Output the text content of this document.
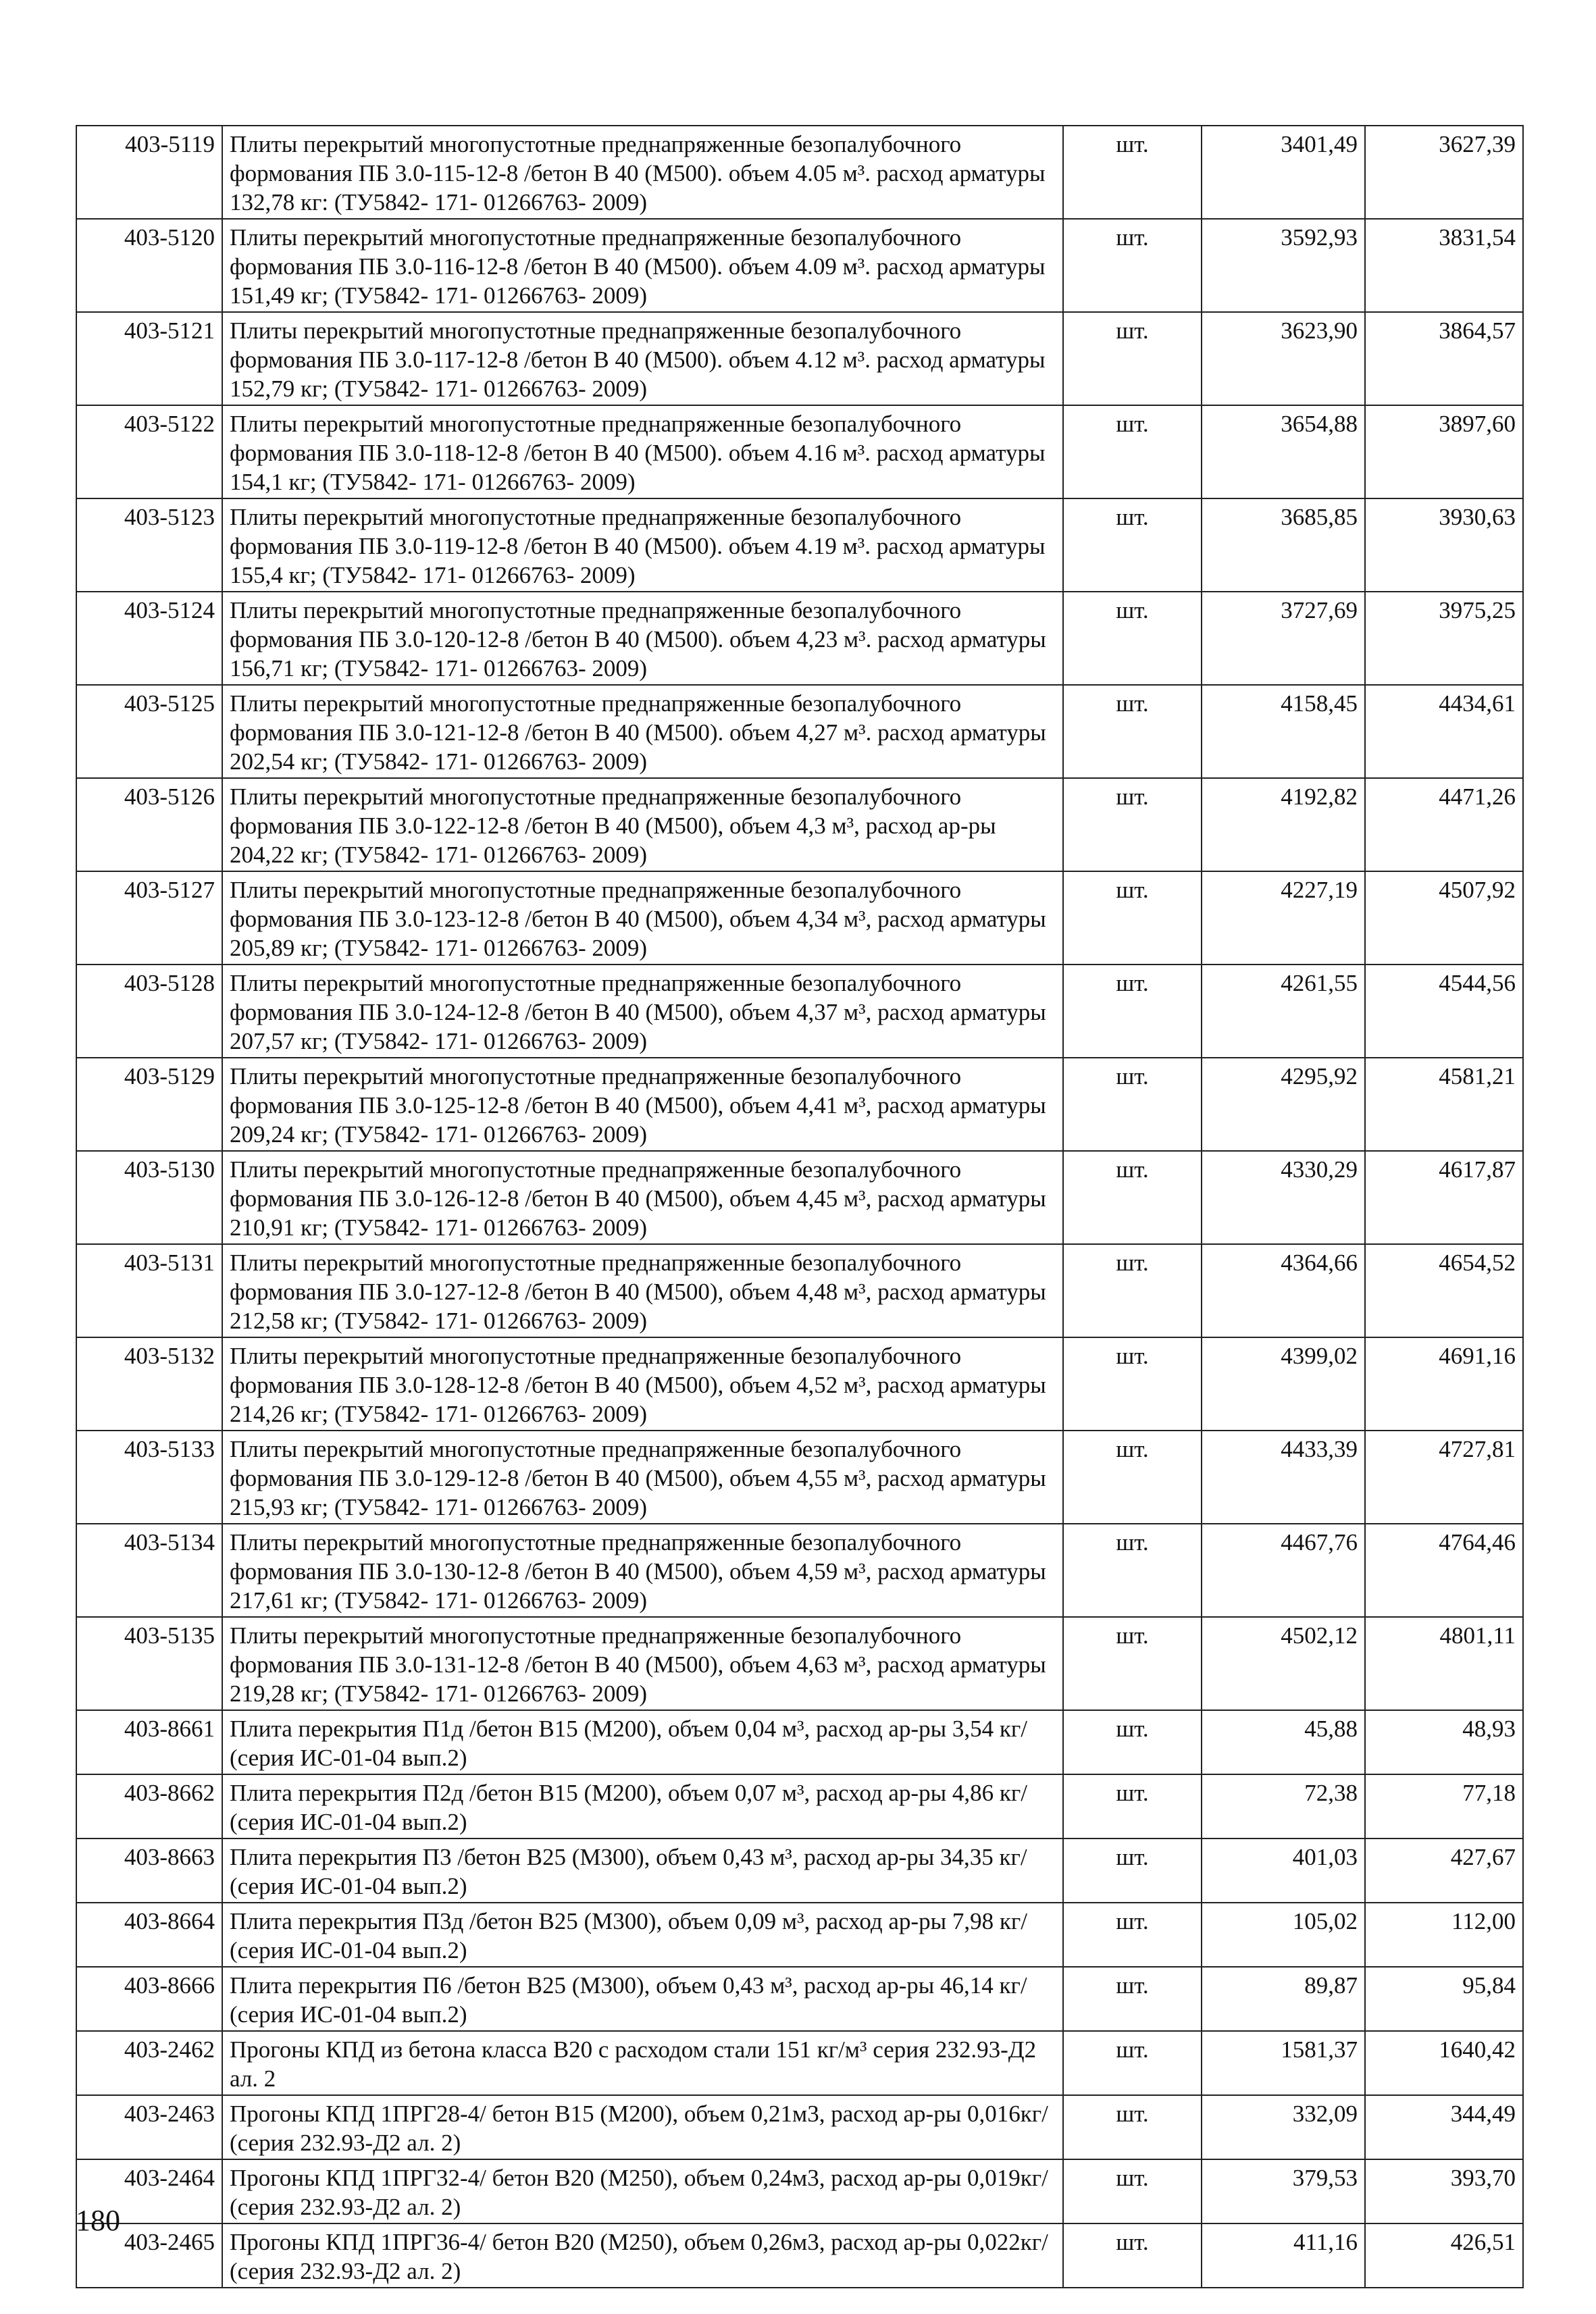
403-5119	Плиты перекрытий многопустотные преднапряженные безопалубочного формования ПБ 3.0-115-12-8 /бетон В 40 (М500). объем 4.05 м³. расход арматуры 132,78 кг: (ТУ5842- 171- 01266763- 2009)	шт.	3401,49	3627,39
403-5120	Плиты перекрытий многопустотные преднапряженные безопалубочного формования ПБ 3.0-116-12-8 /бетон В 40 (М500). объем 4.09 м³. расход арматуры 151,49 кг; (ТУ5842- 171- 01266763- 2009)	шт.	3592,93	3831,54
403-5121	Плиты перекрытий многопустотные преднапряженные безопалубочного формования ПБ 3.0-117-12-8 /бетон В 40 (М500). объем 4.12 м³. расход арматуры 152,79 кг; (ТУ5842- 171- 01266763- 2009)	шт.	3623,90	3864,57
403-5122	Плиты перекрытий многопустотные преднапряженные безопалубочного формования ПБ 3.0-118-12-8 /бетон В 40 (М500). объем 4.16 м³. расход арматуры 154,1 кг; (ТУ5842- 171- 01266763- 2009)	шт.	3654,88	3897,60
403-5123	Плиты перекрытий многопустотные преднапряженные безопалубочного формования ПБ 3.0-119-12-8 /бетон В 40 (М500). объем 4.19 м³. расход арматуры 155,4 кг; (ТУ5842- 171- 01266763- 2009)	шт.	3685,85	3930,63
403-5124	Плиты перекрытий многопустотные преднапряженные безопалубочного формования ПБ 3.0-120-12-8 /бетон В 40 (М500). объем 4,23 м³. расход арматуры 156,71 кг; (ТУ5842- 171- 01266763- 2009)	шт.	3727,69	3975,25
403-5125	Плиты перекрытий многопустотные преднапряженные безопалубочного формования ПБ 3.0-121-12-8 /бетон В 40 (М500). объем 4,27 м³. расход арматуры 202,54 кг; (ТУ5842- 171- 01266763- 2009)	шт.	4158,45	4434,61
403-5126	Плиты перекрытий многопустотные преднапряженные безопалубочного формования ПБ 3.0-122-12-8 /бетон В 40 (М500), объем 4,3 м³, расход ар-ры 204,22 кг; (ТУ5842- 171- 01266763- 2009)	шт.	4192,82	4471,26
403-5127	Плиты перекрытий многопустотные преднапряженные безопалубочного формования ПБ 3.0-123-12-8 /бетон В 40 (М500), объем 4,34 м³, расход арматуры 205,89 кг; (ТУ5842- 171- 01266763- 2009)	шт.	4227,19	4507,92
403-5128	Плиты перекрытий многопустотные преднапряженные безопалубочного формования ПБ 3.0-124-12-8 /бетон В 40 (М500), объем 4,37 м³, расход арматуры 207,57 кг; (ТУ5842- 171- 01266763- 2009)	шт.	4261,55	4544,56
403-5129	Плиты перекрытий многопустотные преднапряженные безопалубочного формования ПБ 3.0-125-12-8 /бетон В 40 (М500), объем 4,41 м³, расход арматуры 209,24 кг; (ТУ5842- 171- 01266763- 2009)	шт.	4295,92	4581,21
403-5130	Плиты перекрытий многопустотные преднапряженные безопалубочного формования ПБ 3.0-126-12-8 /бетон В 40 (М500), объем 4,45 м³, расход арматуры 210,91 кг; (ТУ5842- 171- 01266763- 2009)	шт.	4330,29	4617,87
403-5131	Плиты перекрытий многопустотные преднапряженные безопалубочного формования ПБ 3.0-127-12-8 /бетон В 40 (М500), объем 4,48 м³, расход арматуры 212,58 кг; (ТУ5842- 171- 01266763- 2009)	шт.	4364,66	4654,52
403-5132	Плиты перекрытий многопустотные преднапряженные безопалубочного формования ПБ 3.0-128-12-8 /бетон В 40 (М500), объем 4,52 м³, расход арматуры 214,26 кг; (ТУ5842- 171- 01266763- 2009)	шт.	4399,02	4691,16
403-5133	Плиты перекрытий многопустотные преднапряженные безопалубочного формования ПБ 3.0-129-12-8 /бетон В 40 (М500), объем 4,55 м³, расход арматуры 215,93 кг; (ТУ5842- 171- 01266763- 2009)	шт.	4433,39	4727,81
403-5134	Плиты перекрытий многопустотные преднапряженные безопалубочного формования ПБ 3.0-130-12-8 /бетон В 40 (М500), объем 4,59 м³, расход арматуры 217,61 кг; (ТУ5842- 171- 01266763- 2009)	шт.	4467,76	4764,46
403-5135	Плиты перекрытий многопустотные преднапряженные безопалубочного формования ПБ 3.0-131-12-8 /бетон В 40 (М500), объем 4,63 м³, расход арматуры 219,28 кг; (ТУ5842- 171- 01266763- 2009)	шт.	4502,12	4801,11
403-8661	Плита перекрытия П1д /бетон В15 (М200), объем 0,04 м³, расход ар-ры 3,54 кг/ (серия ИС-01-04 вып.2)	шт.	45,88	48,93
403-8662	Плита перекрытия П2д /бетон В15 (М200), объем 0,07 м³, расход ар-ры 4,86 кг/ (серия ИС-01-04 вып.2)	шт.	72,38	77,18
403-8663	Плита перекрытия П3 /бетон В25 (М300), объем 0,43 м³, расход ар-ры 34,35 кг/ (серия ИС-01-04 вып.2)	шт.	401,03	427,67
403-8664	Плита перекрытия П3д /бетон В25 (М300), объем 0,09 м³, расход ар-ры 7,98 кг/ (серия ИС-01-04 вып.2)	шт.	105,02	112,00
403-8666	Плита перекрытия П6 /бетон В25 (М300), объем 0,43 м³, расход ар-ры 46,14 кг/ (серия ИС-01-04 вып.2)	шт.	89,87	95,84
403-2462	Прогоны КПД из бетона класса В20 с расходом стали 151 кг/м³ серия 232.93-Д2 ал. 2	шт.	1581,37	1640,42
403-2463	Прогоны КПД 1ПРГ28-4/ бетон В15 (М200), объем 0,21м3, расход ар-ры 0,016кг/ (серия 232.93-Д2 ал. 2)	шт.	332,09	344,49
403-2464	Прогоны КПД 1ПРГ32-4/ бетон В20 (М250), объем 0,24м3, расход ар-ры 0,019кг/ (серия 232.93-Д2 ал. 2)	шт.	379,53	393,70
403-2465	Прогоны КПД 1ПРГ36-4/ бетон В20 (М250), объем 0,26м3, расход ар-ры 0,022кг/ (серия 232.93-Д2 ал. 2)	шт.	411,16	426,51
180
